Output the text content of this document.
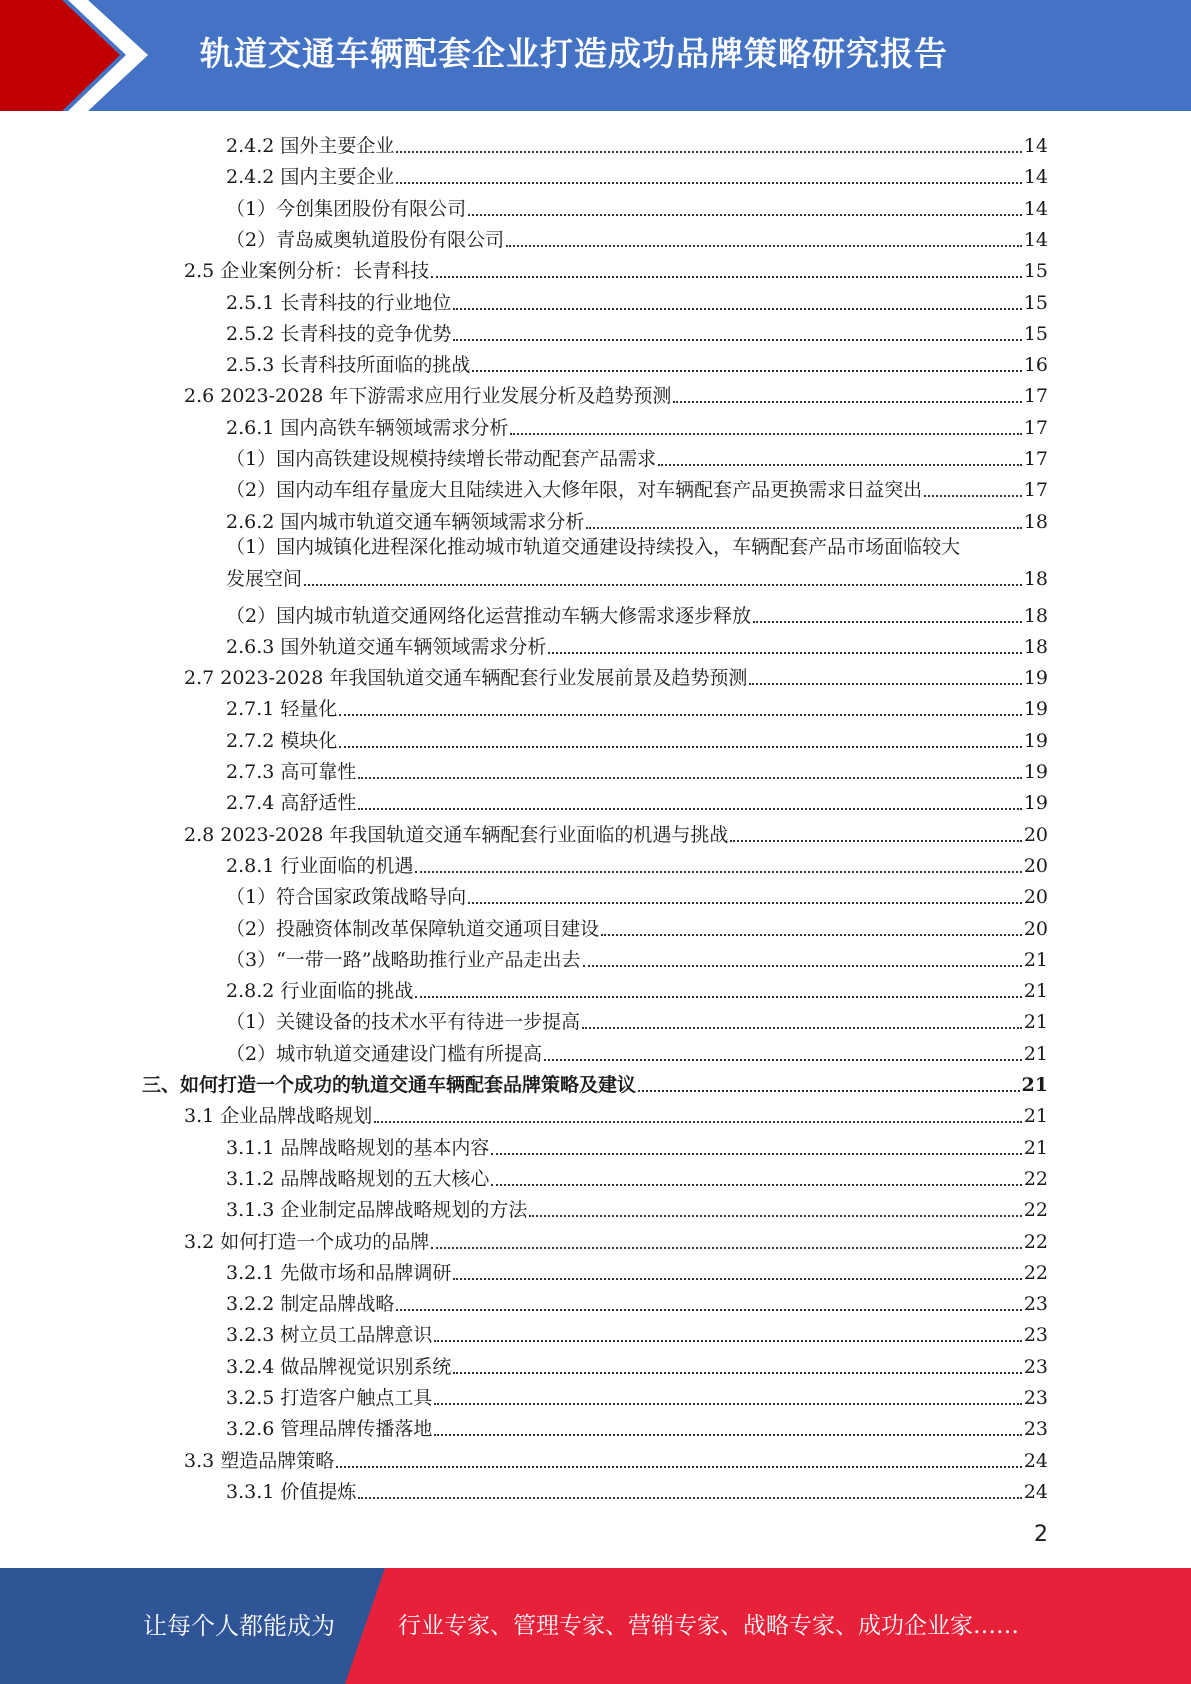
轨道交通车辆配套企业打造成功品牌策略研究报告
2.4.2 国外主要企业	14
2.4.2 国内主要企业	14
（1）今创集团股份有限公司	14
（2）青岛威奥轨道股份有限公司	14
2.5 企业案例分析：长青科技	15
2.5.1 长青科技的行业地位	15
2.5.2 长青科技的竞争优势	15
2.5.3 长青科技所面临的挑战	16
2.6 2023-2028 年下游需求应用行业发展分析及趋势预测	17
2.6.1 国内高铁车辆领域需求分析	17
（1）国内高铁建设规模持续增长带动配套产品需求	17
（2）国内动车组存量庞大且陆续进入大修年限，对车辆配套产品更换需求日益突出	17
2.6.2 国内城市轨道交通车辆领域需求分析	18
（1）国内城镇化进程深化推动城市轨道交通建设持续投入，车辆配套产品市场面临较大
发展空间	18
（2）国内城市轨道交通网络化运营推动车辆大修需求逐步释放	18
2.6.3 国外轨道交通车辆领域需求分析	18
2.7 2023-2028 年我国轨道交通车辆配套行业发展前景及趋势预测	19
2.7.1 轻量化	19
2.7.2 模块化	19
2.7.3 高可靠性	19
2.7.4 高舒适性	19
2.8 2023-2028 年我国轨道交通车辆配套行业面临的机遇与挑战	20
2.8.1 行业面临的机遇	20
（1）符合国家政策战略导向	20
（2）投融资体制改革保障轨道交通项目建设	20
（3）“一带一路”战略助推行业产品走出去	21
2.8.2 行业面临的挑战	21
（1）关键设备的技术水平有待进一步提高	21
（2）城市轨道交通建设门槛有所提高	21
三、如何打造一个成功的轨道交通车辆配套品牌策略及建议	21
3.1 企业品牌战略规划	21
3.1.1 品牌战略规划的基本内容	21
3.1.2 品牌战略规划的五大核心	22
3.1.3 企业制定品牌战略规划的方法	22
3.2 如何打造一个成功的品牌	22
3.2.1 先做市场和品牌调研	22
3.2.2 制定品牌战略	23
3.2.3 树立员工品牌意识	23
3.2.4 做品牌视觉识别系统	23
3.2.5 打造客户触点工具	23
3.2.6 管理品牌传播落地	23
3.3 塑造品牌策略	24
3.3.1 价值提炼	24
2
让每个人都能成为	行业专家、管理专家、营销专家、战略专家、成功企业家……
